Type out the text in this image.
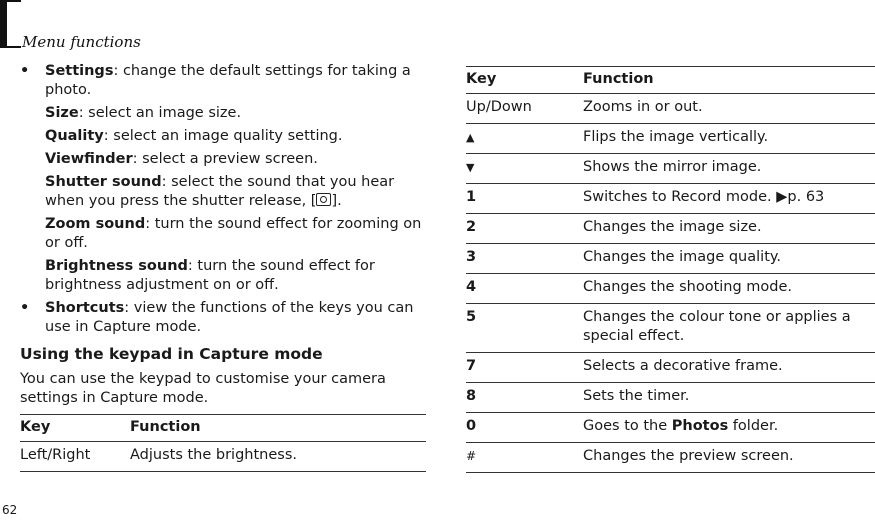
Menu functions
• Settings: change the default settings for taking a photo.
Size: select an image size.
Quality: select an image quality setting.
Viewfinder: select a preview screen.
Shutter sound: select the sound that you hear when you press the shutter release, [ ].
Zoom sound: turn the sound effect for zooming on or off.
Brightness sound: turn the sound effect for brightness adjustment on or off.
• Shortcuts: view the functions of the keys you can use in Capture mode.
Using the keypad in Capture mode
You can use the keypad to customise your camera settings in Capture mode.
Key	Function
Left/Right	Adjusts the brightness.
Key	Function
Up/Down	Zooms in or out.
▲	Flips the image vertically.
▼	Shows the mirror image.
1	Switches to Record mode. ▶p. 63
2	Changes the image size.
3	Changes the image quality.
4	Changes the shooting mode.
5	Changes the colour tone or applies a special effect.
7	Selects a decorative frame.
8	Sets the timer.
0	Goes to the Photos folder.
#	Changes the preview screen.
62
